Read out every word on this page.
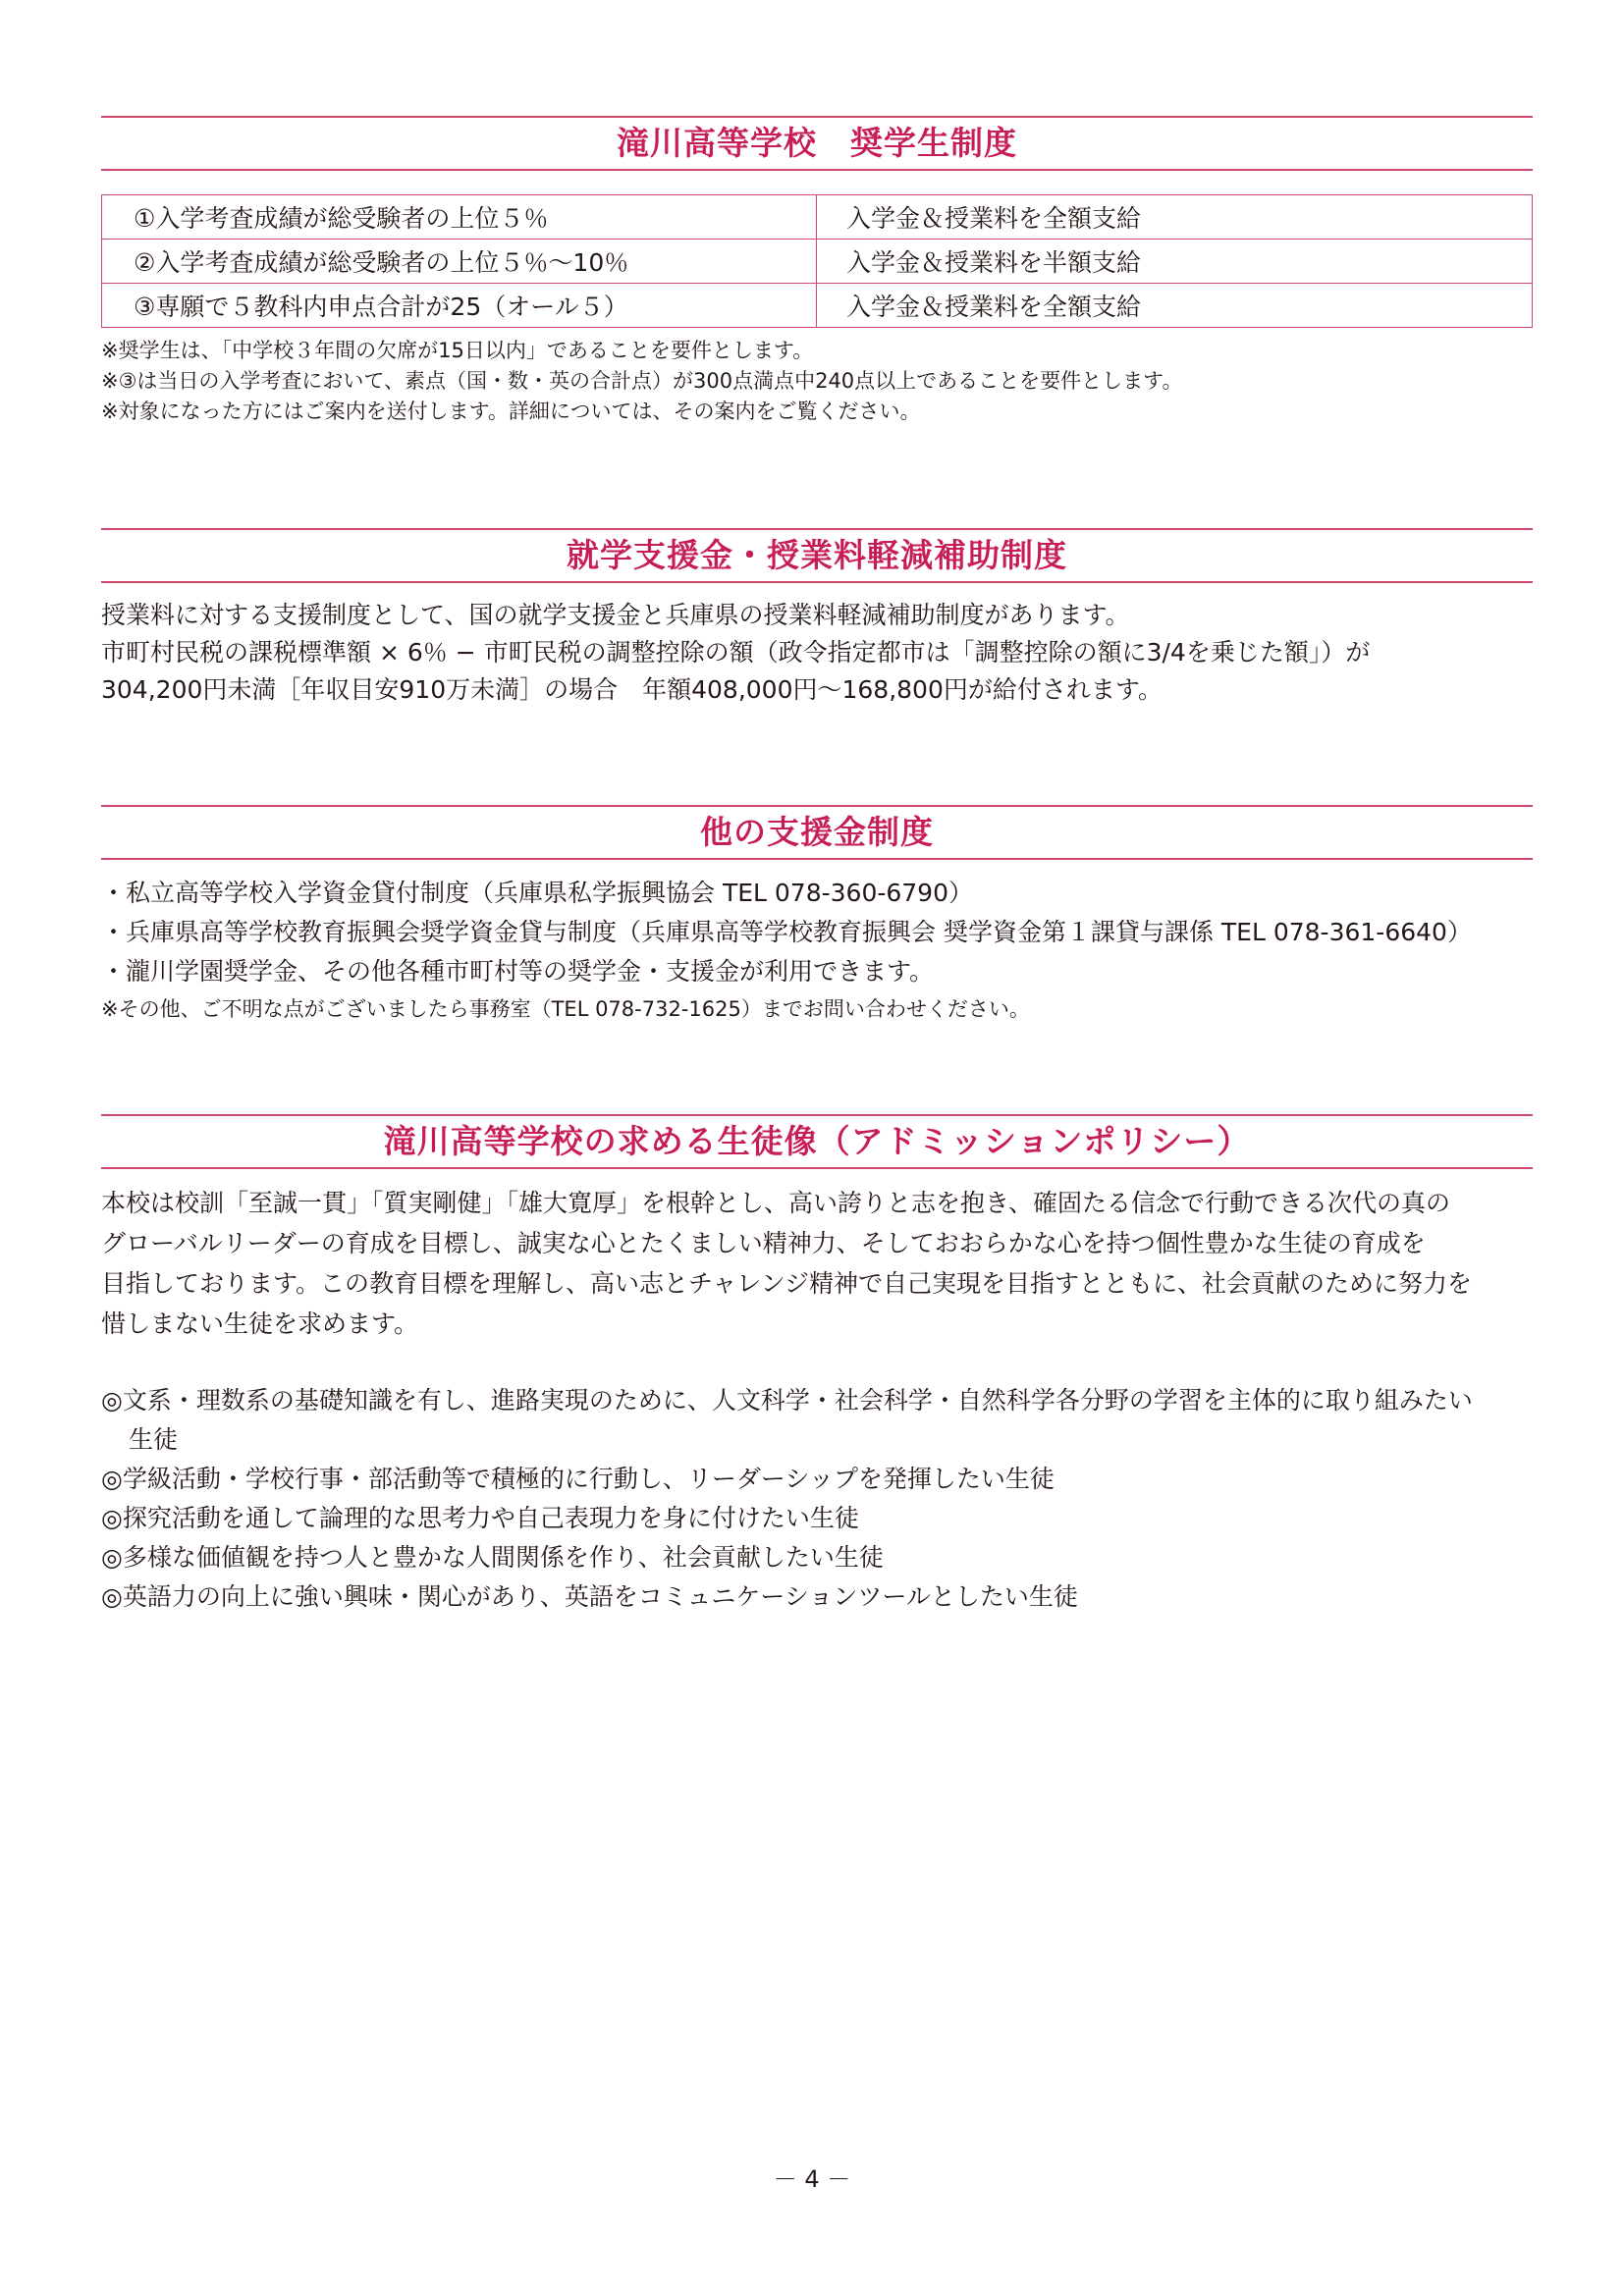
滝川高等学校　奨学生制度
①入学考査成績が総受験者の上位５％	入学金＆授業料を全額支給
②入学考査成績が総受験者の上位５％～10％	入学金＆授業料を半額支給
③専願で５教科内申点合計が25（オール５）	入学金＆授業料を全額支給
※奨学生は、「中学校３年間の欠席が15日以内」であることを要件とします。
※③は当日の入学考査において、素点（国・数・英の合計点）が300点満点中240点以上であることを要件とします。
※対象になった方にはご案内を送付します。詳細については、その案内をご覧ください。
就学支援金・授業料軽減補助制度
授業料に対する支援制度として、国の就学支援金と兵庫県の授業料軽減補助制度があります。
市町村民税の課税標準額 × 6％ − 市町民税の調整控除の額（政令指定都市は「調整控除の額に3/4を乗じた額」）が
304,200円未満［年収目安910万未満］の場合　年額408,000円～168,800円が給付されます。
他の支援金制度
・私立高等学校入学資金貸付制度（兵庫県私学振興協会 TEL 078-360-6790）
・兵庫県高等学校教育振興会奨学資金貸与制度（兵庫県高等学校教育振興会 奨学資金第１課貸与課係 TEL 078-361-6640）
・瀧川学園奨学金、その他各種市町村等の奨学金・支援金が利用できます。
※その他、ご不明な点がございましたら事務室（TEL 078-732-1625）までお問い合わせください。
滝川高等学校の求める生徒像（アドミッションポリシー）
本校は校訓「至誠一貫」「質実剛健」「雄大寛厚」を根幹とし、高い誇りと志を抱き、確固たる信念で行動できる次代の真の
グローバルリーダーの育成を目標し、誠実な心とたくましい精神力、そしておおらかな心を持つ個性豊かな生徒の育成を
目指しております。この教育目標を理解し、高い志とチャレンジ精神で自己実現を目指すとともに、社会貢献のために努力を
惜しまない生徒を求めます。
◎文系・理数系の基礎知識を有し、進路実現のために、人文科学・社会科学・自然科学各分野の学習を主体的に取り組みたい
生徒
◎学級活動・学校行事・部活動等で積極的に行動し、リーダーシップを発揮したい生徒
◎探究活動を通して論理的な思考力や自己表現力を身に付けたい生徒
◎多様な価値観を持つ人と豊かな人間関係を作り、社会貢献したい生徒
◎英語力の向上に強い興味・関心があり、英語をコミュニケーションツールとしたい生徒
－ 4 －
